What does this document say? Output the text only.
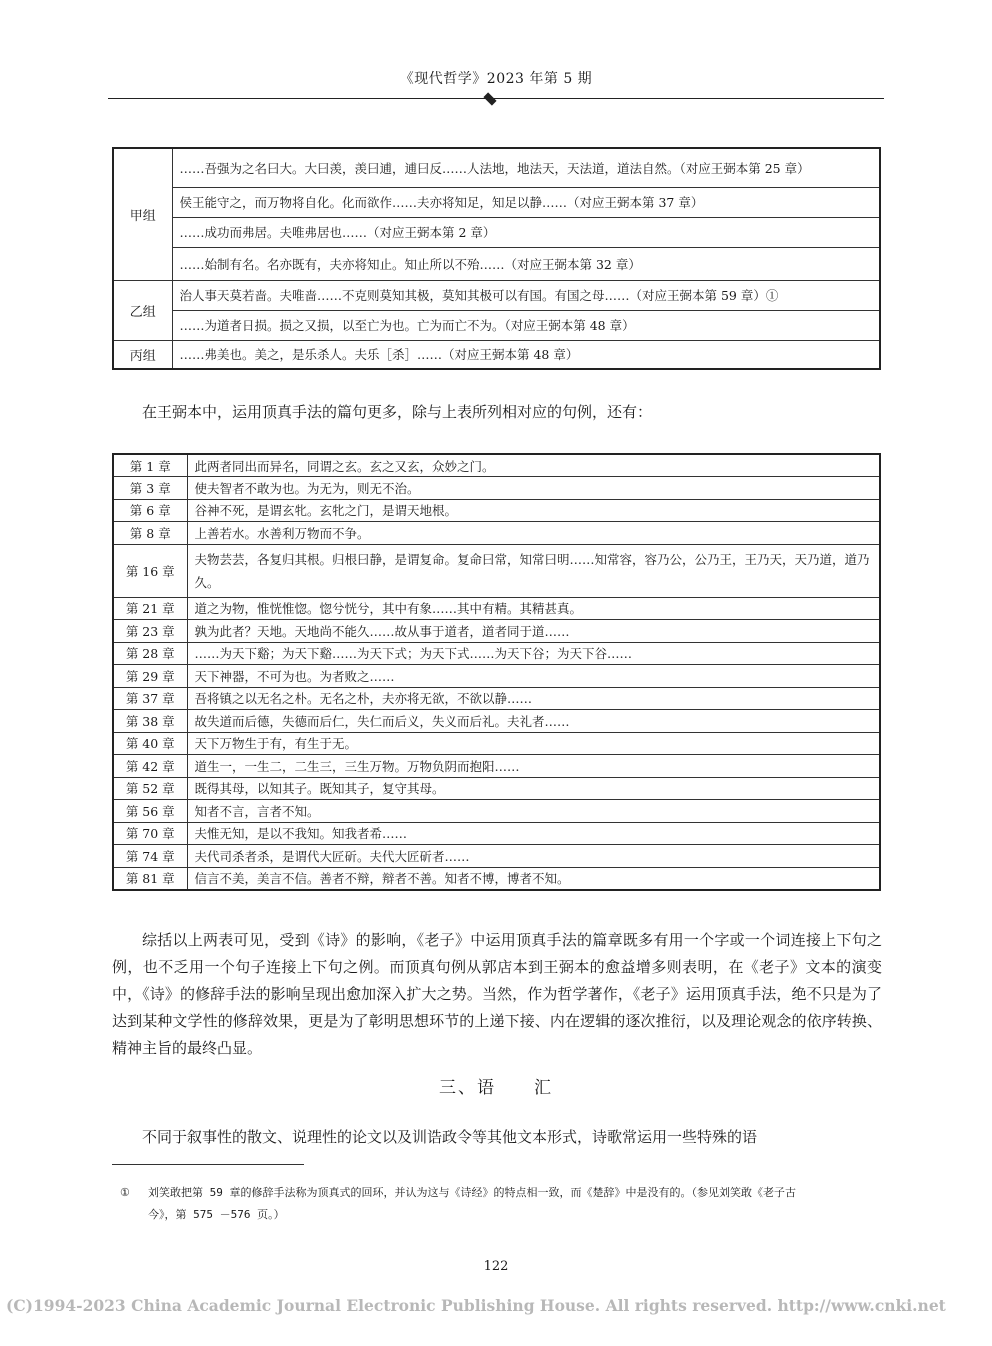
《现代哲学》2023 年第 5 期
甲组	……吾强为之名曰大。大曰羡，羡曰逋，逋曰反……人法地，地法天，天法道，道法自然。（对应王弼本第 25 章）
	侯王能守之，而万物将自化。化而欲作……夫亦将知足，知足以静……（对应王弼本第 37 章）
	……成功而弗居。夫唯弗居也……（对应王弼本第 2 章）
	……始制有名。名亦既有，夫亦将知止。知止所以不殆……（对应王弼本第 32 章）
乙组	治人事天莫若啬。夫唯啬……不克则莫知其极，莫知其极可以有国。有国之母……（对应王弼本第 59 章）①
	……为道者日损。损之又损，以至亡为也。亡为而亡不为。（对应王弼本第 48 章）
丙组	……弗美也。美之，是乐杀人。夫乐［杀］……（对应王弼本第 48 章）
在王弼本中，运用顶真手法的篇句更多，除与上表所列相对应的句例，还有：
第 1 章	此两者同出而异名，同谓之玄。玄之又玄，众妙之门。
第 3 章	使夫智者不敢为也。为无为，则无不治。
第 6 章	谷神不死，是谓玄牝。玄牝之门，是谓天地根。
第 8 章	上善若水。水善利万物而不争。
第 16 章	夫物芸芸，各复归其根。归根曰静，是谓复命。复命曰常，知常曰明……知常容，容乃公，公乃王，王乃天，天乃道，道乃久。
第 21 章	道之为物，惟恍惟惚。惚兮恍兮，其中有象……其中有精。其精甚真。
第 23 章	孰为此者？天地。天地尚不能久……故从事于道者，道者同于道……
第 28 章	……为天下谿；为天下谿……为天下式；为天下式……为天下谷；为天下谷……
第 29 章	天下神器，不可为也。为者败之……
第 37 章	吾将镇之以无名之朴。无名之朴，夫亦将无欲，不欲以静……
第 38 章	故失道而后德，失德而后仁，失仁而后义，失义而后礼。夫礼者……
第 40 章	天下万物生于有，有生于无。
第 42 章	道生一，一生二，二生三，三生万物。万物负阴而抱阳……
第 52 章	既得其母，以知其子。既知其子，复守其母。
第 56 章	知者不言，言者不知。
第 70 章	夫惟无知，是以不我知。知我者希……
第 74 章	夫代司杀者杀，是谓代大匠斫。夫代大匠斫者……
第 81 章	信言不美，美言不信。善者不辩，辩者不善。知者不博，博者不知。
综括以上两表可见，受到《诗》的影响，《老子》中运用顶真手法的篇章既多有用一个字或一个词连接上下句之例，也不乏用一个句子连接上下句之例。而顶真句例从郭店本到王弼本的愈益增多则表明，在《老子》文本的演变中，《诗》的修辞手法的影响呈现出愈加深入扩大之势。当然，作为哲学著作，《老子》运用顶真手法，绝不只是为了达到某种文学性的修辞效果，更是为了彰明思想环节的上递下接、内在逻辑的逐次推衍，以及理论观念的依序转换、精神主旨的最终凸显。
三、语　　汇
不同于叙事性的散文、说理性的论文以及训诰政令等其他文本形式，诗歌常运用一些特殊的语
① 刘笑敢把第 59 章的修辞手法称为顶真式的回环，并认为这与《诗经》的特点相一致，而《楚辞》中是没有的。（参见刘笑敢《老子古
今》，第 575 －576 页。）
122
(C)1994-2023 China Academic Journal Electronic Publishing House. All rights reserved. http://www.cnki.net
